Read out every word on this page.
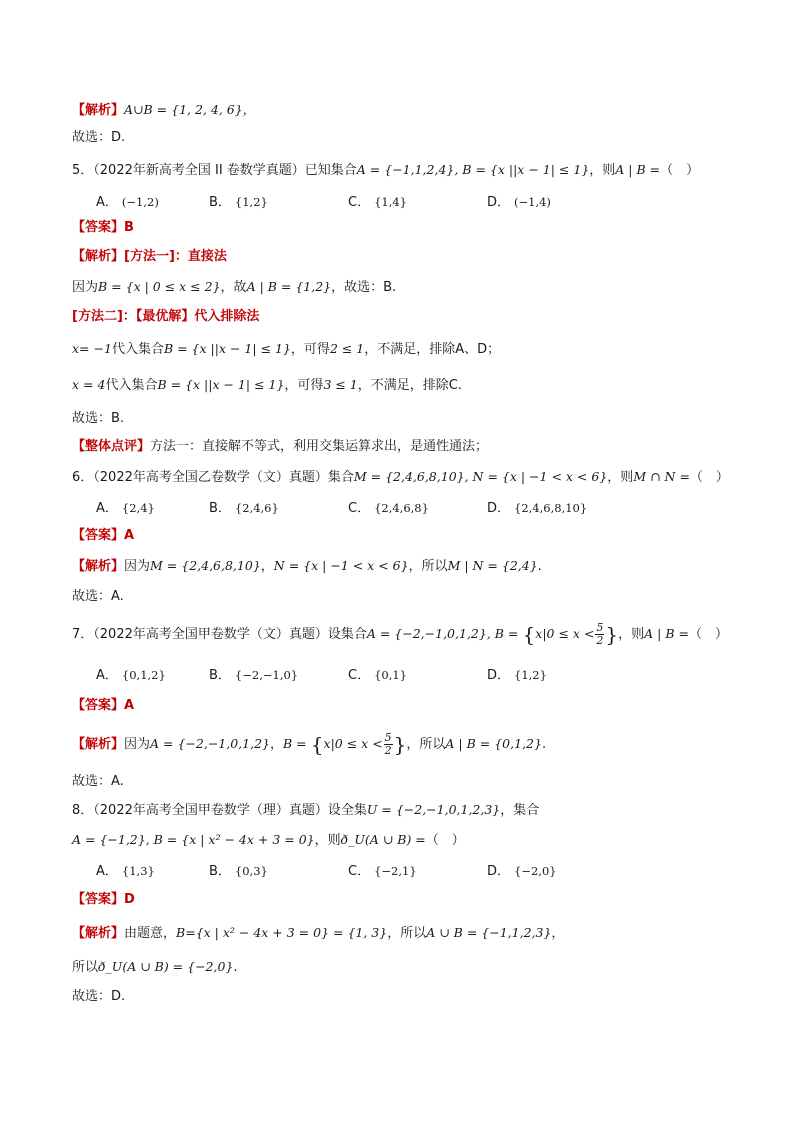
【解析】A∪B = {1, 2, 4, 6}，
故选：D.
5．（2022年新高考全国 II 卷数学真题）已知集合A = {−1,1,2,4}, B = {x ||x − 1| ≤ 1}，则A | B =（　）
A． (−1,2)	B． {1,2}	C． {1,4}	D． (−1,4)
【答案】B
【解析】[方法一]：直接法
因为B = {x | 0 ≤ x ≤ 2}，故A | B = {1,2}，故选：B.
[方法二]：【最优解】代入排除法
x= −1代入集合B = {x ||x − 1| ≤ 1}，可得2 ≤ 1，不满足，排除A、D；
x = 4代入集合B = {x ||x − 1| ≤ 1}，可得3 ≤ 1，不满足，排除C.
故选：B.
【整体点评】方法一：直接解不等式，利用交集运算求出，是通性通法；
6．（2022年高考全国乙卷数学（文）真题）集合M = {2,4,6,8,10}, N = {x | −1 < x < 6}，则M ∩ N =（　）
A． {2,4}	B． {2,4,6}	C． {2,4,6,8}	D． {2,4,6,8,10}
【答案】A
【解析】因为M = {2,4,6,8,10}，N = {x | −1 < x < 6}，所以M | N = {2,4}.
故选：A.
7．（2022年高考全国甲卷数学（文）真题）设集合A = {−2,−1,0,1,2}, $B = \{x|0 \le x < \frac{5}{2}$ }，则A | B =（　）
A． {0,1,2}	B． {−2,−1,0}	C． {0,1}	D． {1,2}
【答案】A
【解析】因为A = {−2,−1,0,1,2}，$B = \{x|0 \le x < \frac{5}{2}$ }，所以A | B = {0,1,2}.
故选：A.
8．（2022年高考全国甲卷数学（理）真题）设全集U = {−2,−1,0,1,2,3}，集合
A = {−1,2}, B = {x | x² − 4x + 3 = 0}，则ð_U(A ∪ B) =（　）
A． {1,3}	B． {0,3}	C． {−2,1}	D． {−2,0}
【答案】D
【解析】由题意，B={x | x² − 4x + 3 = 0} = {1, 3}，所以A ∪ B = {−1,1,2,3}，
所以ð_U(A ∪ B) = {−2,0}.
故选：D.
